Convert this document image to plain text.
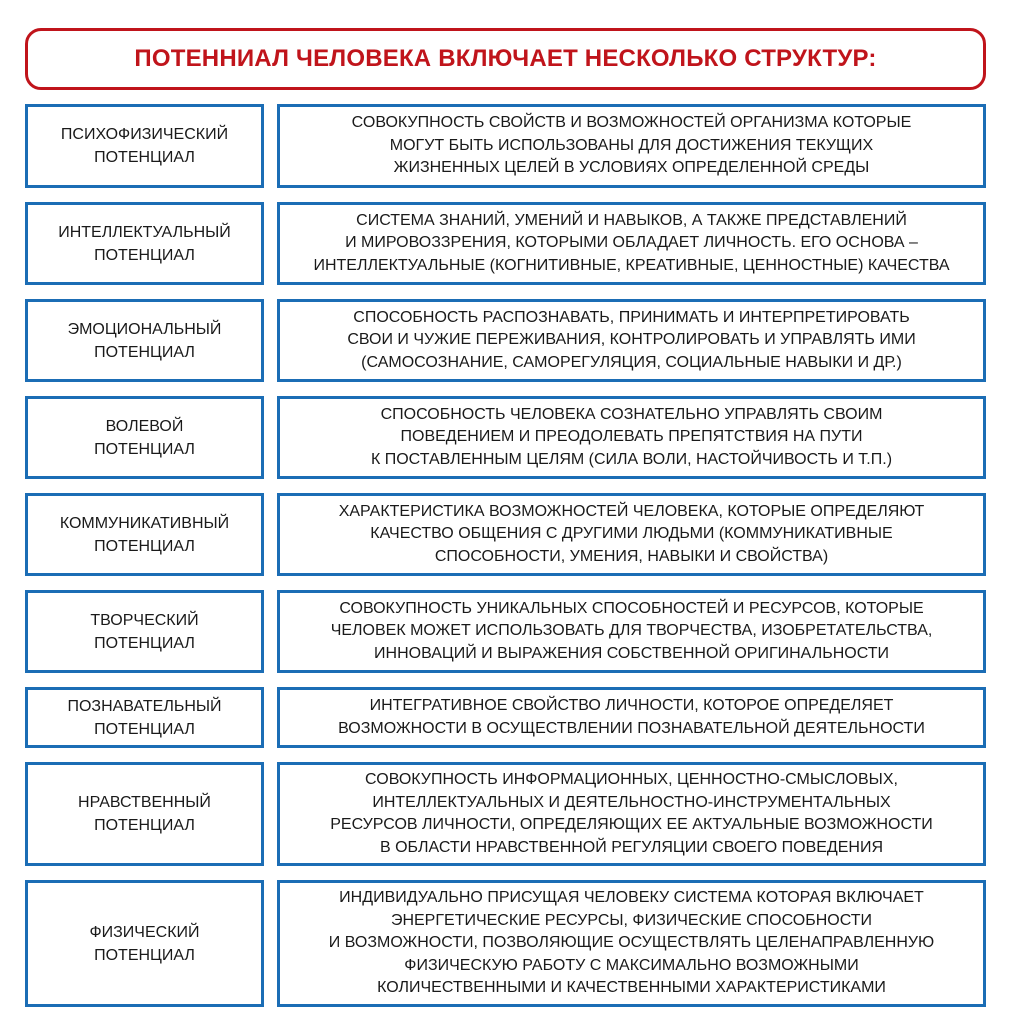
ПОТЕННИАЛ ЧЕЛОВЕКА ВКЛЮЧАЕТ НЕСКОЛЬКО СТРУКТУР:
ПСИХОФИЗИЧЕСКИЙ
ПОТЕНЦИАЛ
СОВОКУПНОСТЬ СВОЙСТВ И ВОЗМОЖНОСТЕЙ ОРГАНИЗМА КОТОРЫЕ
МОГУТ БЫТЬ ИСПОЛЬЗОВАНЫ ДЛЯ ДОСТИЖЕНИЯ ТЕКУЩИХ
ЖИЗНЕННЫХ ЦЕЛЕЙ В УСЛОВИЯХ ОПРЕДЕЛЕННОЙ СРЕДЫ
ИНТЕЛЛЕКТУАЛЬНЫЙ
ПОТЕНЦИАЛ
СИСТЕМА ЗНАНИЙ, УМЕНИЙ И НАВЫКОВ, А ТАКЖЕ ПРЕДСТАВЛЕНИЙ
И МИРОВОЗЗРЕНИЯ, КОТОРЫМИ ОБЛАДАЕТ ЛИЧНОСТЬ. ЕГО ОСНОВА –
ИНТЕЛЛЕКТУАЛЬНЫЕ (КОГНИТИВНЫЕ, КРЕАТИВНЫЕ, ЦЕННОСТНЫЕ) КАЧЕСТВА
ЭМОЦИОНАЛЬНЫЙ
ПОТЕНЦИАЛ
СПОСОБНОСТЬ РАСПОЗНАВАТЬ, ПРИНИМАТЬ И ИНТЕРПРЕТИРОВАТЬ
СВОИ И ЧУЖИЕ ПЕРЕЖИВАНИЯ, КОНТРОЛИРОВАТЬ И УПРАВЛЯТЬ ИМИ
(САМОСОЗНАНИЕ, САМОРЕГУЛЯЦИЯ, СОЦИАЛЬНЫЕ НАВЫКИ И ДР.)
ВОЛЕВОЙ
ПОТЕНЦИАЛ
СПОСОБНОСТЬ ЧЕЛОВЕКА СОЗНАТЕЛЬНО УПРАВЛЯТЬ СВОИМ
ПОВЕДЕНИЕМ И ПРЕОДОЛЕВАТЬ ПРЕПЯТСТВИЯ НА ПУТИ
К ПОСТАВЛЕННЫМ ЦЕЛЯМ (СИЛА ВОЛИ, НАСТОЙЧИВОСТЬ И Т.П.)
КОММУНИКАТИВНЫЙ
ПОТЕНЦИАЛ
ХАРАКТЕРИСТИКА ВОЗМОЖНОСТЕЙ ЧЕЛОВЕКА, КОТОРЫЕ ОПРЕДЕЛЯЮТ
КАЧЕСТВО ОБЩЕНИЯ С ДРУГИМИ ЛЮДЬМИ (КОММУНИКАТИВНЫЕ
СПОСОБНОСТИ, УМЕНИЯ, НАВЫКИ И СВОЙСТВА)
ТВОРЧЕСКИЙ
ПОТЕНЦИАЛ
СОВОКУПНОСТЬ УНИКАЛЬНЫХ СПОСОБНОСТЕЙ И РЕСУРСОВ, КОТОРЫЕ
ЧЕЛОВЕК МОЖЕТ ИСПОЛЬЗОВАТЬ ДЛЯ ТВОРЧЕСТВА, ИЗОБРЕТАТЕЛЬСТВА,
ИННОВАЦИЙ И ВЫРАЖЕНИЯ СОБСТВЕННОЙ ОРИГИНАЛЬНОСТИ
ПОЗНАВАТЕЛЬНЫЙ
ПОТЕНЦИАЛ
ИНТЕГРАТИВНОЕ СВОЙСТВО ЛИЧНОСТИ, КОТОРОЕ ОПРЕДЕЛЯЕТ
ВОЗМОЖНОСТИ В ОСУЩЕСТВЛЕНИИ ПОЗНАВАТЕЛЬНОЙ ДЕЯТЕЛЬНОСТИ
НРАВСТВЕННЫЙ
ПОТЕНЦИАЛ
СОВОКУПНОСТЬ ИНФОРМАЦИОННЫХ, ЦЕННОСТНО-СМЫСЛОВЫХ,
ИНТЕЛЛЕКТУАЛЬНЫХ И ДЕЯТЕЛЬНОСТНО-ИНСТРУМЕНТАЛЬНЫХ
РЕСУРСОВ ЛИЧНОСТИ, ОПРЕДЕЛЯЮЩИХ ЕЕ АКТУАЛЬНЫЕ ВОЗМОЖНОСТИ
В ОБЛАСТИ НРАВСТВЕННОЙ РЕГУЛЯЦИИ СВОЕГО ПОВЕДЕНИЯ
ФИЗИЧЕСКИЙ
ПОТЕНЦИАЛ
ИНДИВИДУАЛЬНО ПРИСУЩАЯ ЧЕЛОВЕКУ СИСТЕМА КОТОРАЯ ВКЛЮЧАЕТ
ЭНЕРГЕТИЧЕСКИЕ РЕСУРСЫ, ФИЗИЧЕСКИЕ СПОСОБНОСТИ
И ВОЗМОЖНОСТИ, ПОЗВОЛЯЮЩИЕ ОСУЩЕСТВЛЯТЬ ЦЕЛЕНАПРАВЛЕННУЮ
ФИЗИЧЕСКУЮ РАБОТУ С МАКСИМАЛЬНО ВОЗМОЖНЫМИ
КОЛИЧЕСТВЕННЫМИ И КАЧЕСТВЕННЫМИ ХАРАКТЕРИСТИКАМИ
